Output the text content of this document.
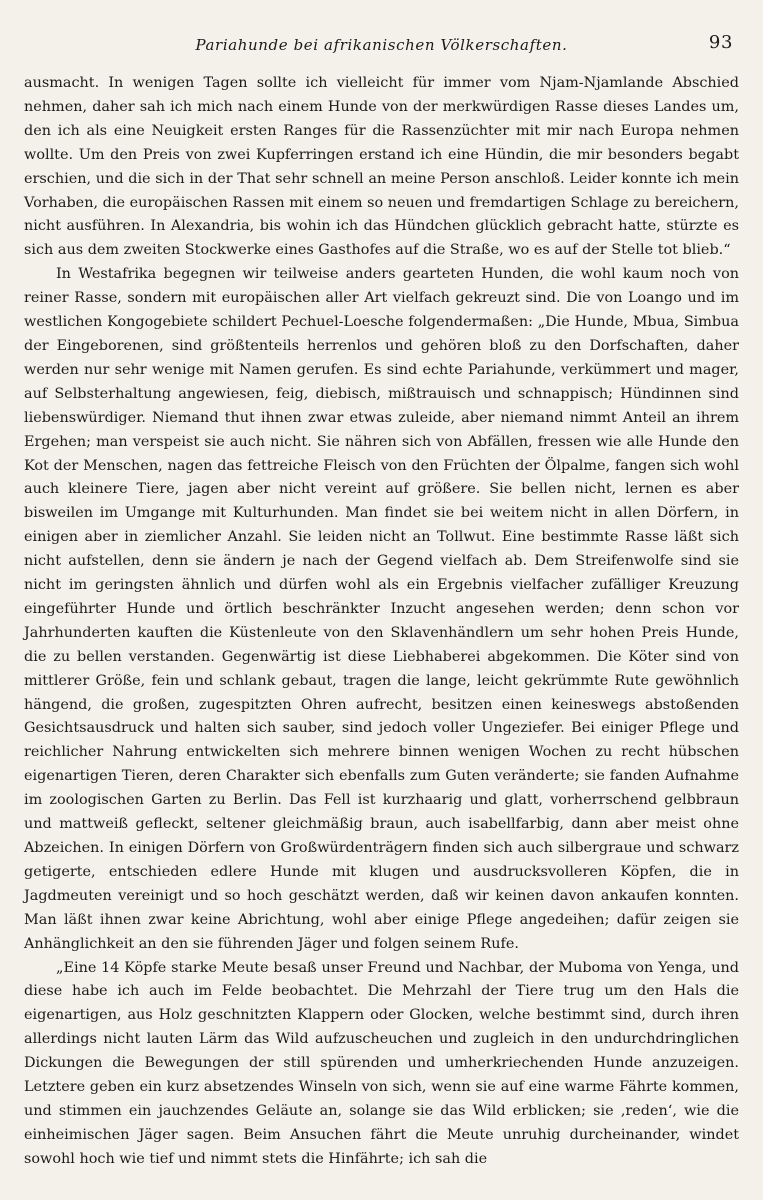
Pariahunde bei afrikanischen Völkerschaften.	93

ausmacht. In wenigen Tagen sollte ich vielleicht für immer vom Njam-Njamlande Abschied nehmen, daher sah ich mich nach einem Hunde von der merkwürdigen Rasse dieses Landes um, den ich als eine Neuigkeit ersten Ranges für die Rassenzüchter mit mir nach Europa nehmen wollte. Um den Preis von zwei Kupferringen erstand ich eine Hündin, die mir besonders begabt erschien, und die sich in der That sehr schnell an meine Person anschloß. Leider konnte ich mein Vorhaben, die europäischen Rassen mit einem so neuen und fremdartigen Schlage zu bereichern, nicht ausführen. In Alexandria, bis wohin ich das Hündchen glücklich gebracht hatte, stürzte es sich aus dem zweiten Stockwerke eines Gasthofes auf die Straße, wo es auf der Stelle tot blieb.“

In Westafrika begegnen wir teilweise anders gearteten Hunden, die wohl kaum noch von reiner Rasse, sondern mit europäischen aller Art vielfach gekreuzt sind. Die von Loango und im westlichen Kongogebiete schildert Pechuel-Loesche folgendermaßen: „Die Hunde, Mbua, Simbua der Eingeborenen, sind größtenteils herrenlos und gehören bloß zu den Dorfschaften, daher werden nur sehr wenige mit Namen gerufen. Es sind echte Pariahunde, verkümmert und mager, auf Selbsterhaltung angewiesen, feig, diebisch, mißtrauisch und schnappisch; Hündinnen sind liebenswürdiger. Niemand thut ihnen zwar etwas zuleide, aber niemand nimmt Anteil an ihrem Ergehen; man verspeist sie auch nicht. Sie nähren sich von Abfällen, fressen wie alle Hunde den Kot der Menschen, nagen das fettreiche Fleisch von den Früchten der Ölpalme, fangen sich wohl auch kleinere Tiere, jagen aber nicht vereint auf größere. Sie bellen nicht, lernen es aber bisweilen im Umgange mit Kulturhunden. Man findet sie bei weitem nicht in allen Dörfern, in einigen aber in ziemlicher Anzahl. Sie leiden nicht an Tollwut. Eine bestimmte Rasse läßt sich nicht aufstellen, denn sie ändern je nach der Gegend vielfach ab. Dem Streifenwolfe sind sie nicht im geringsten ähnlich und dürfen wohl als ein Ergebnis vielfacher zufälliger Kreuzung eingeführter Hunde und örtlich beschränkter Inzucht angesehen werden; denn schon vor Jahrhunderten kauften die Küstenleute von den Sklavenhändlern um sehr hohen Preis Hunde, die zu bellen verstanden. Gegenwärtig ist diese Liebhaberei abgekommen. Die Köter sind von mittlerer Größe, fein und schlank gebaut, tragen die lange, leicht gekrümmte Rute gewöhnlich hängend, die großen, zugespitzten Ohren aufrecht, besitzen einen keineswegs abstoßenden Gesichtsausdruck und halten sich sauber, sind jedoch voller Ungeziefer. Bei einiger Pflege und reichlicher Nahrung entwickelten sich mehrere binnen wenigen Wochen zu recht hübschen eigenartigen Tieren, deren Charakter sich ebenfalls zum Guten veränderte; sie fanden Aufnahme im zoologischen Garten zu Berlin. Das Fell ist kurzhaarig und glatt, vorherrschend gelbbraun und mattweiß gefleckt, seltener gleichmäßig braun, auch isabellfarbig, dann aber meist ohne Abzeichen. In einigen Dörfern von Großwürdenträgern finden sich auch silbergraue und schwarz getigerte, entschieden edlere Hunde mit klugen und ausdrucksvolleren Köpfen, die in Jagdmeuten vereinigt und so hoch geschätzt werden, daß wir keinen davon ankaufen konnten. Man läßt ihnen zwar keine Abrichtung, wohl aber einige Pflege angedeihen; dafür zeigen sie Anhänglichkeit an den sie führenden Jäger und folgen seinem Rufe.

„Eine 14 Köpfe starke Meute besaß unser Freund und Nachbar, der Muboma von Yenga, und diese habe ich auch im Felde beobachtet. Die Mehrzahl der Tiere trug um den Hals die eigenartigen, aus Holz geschnitzten Klappern oder Glocken, welche bestimmt sind, durch ihren allerdings nicht lauten Lärm das Wild aufzuscheuchen und zugleich in den undurchdringlichen Dickungen die Bewegungen der still spürenden und umherkriechenden Hunde anzuzeigen. Letztere geben ein kurz absetzendes Winseln von sich, wenn sie auf eine warme Fährte kommen, und stimmen ein jauchzendes Geläute an, solange sie das Wild erblicken; sie ‚reden‘, wie die einheimischen Jäger sagen. Beim Ansuchen fährt die Meute unruhig durcheinander, windet sowohl hoch wie tief und nimmt stets die Hinfährte; ich sah die
